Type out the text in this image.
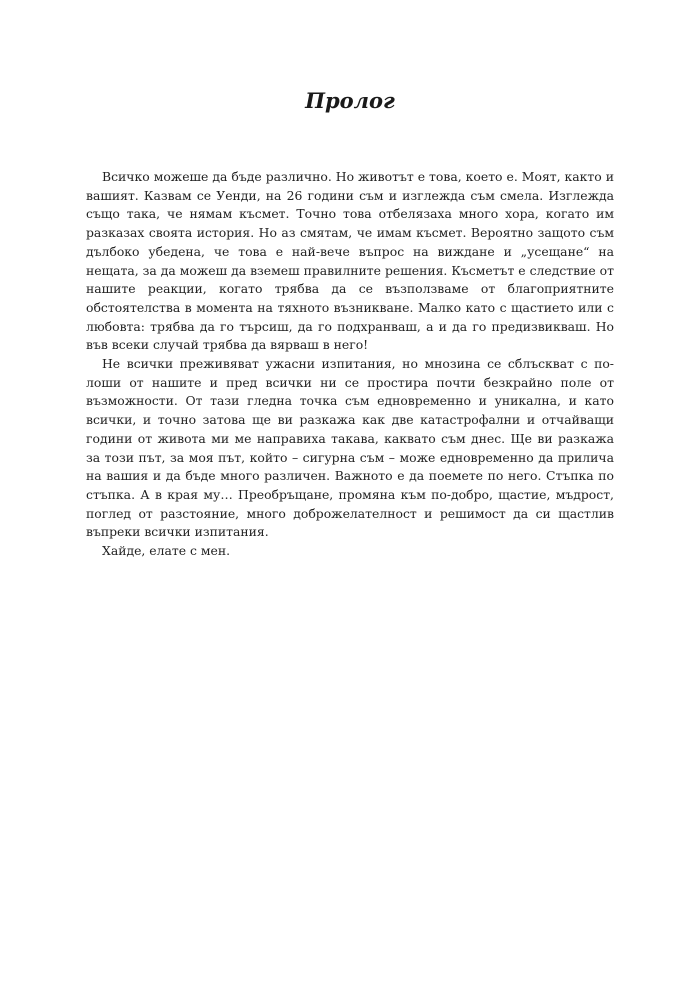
Пролог

Всичко можеше да бъде различно. Но животът е това, което е. Моят, както и вашият. Казвам се Уенди, на 26 години съм и изглежда съм смела. Изглежда също така, че нямам късмет. Точно това отбелязаха много хора, когато им разказах своята история. Но аз смятам, че имам късмет. Вероятно защото съм дълбоко убедена, че това е най-вече въпрос на виждане и „усещане“ на нещата, за да можеш да вземеш правилните решения. Късметът е следствие от нашите реакции, когато трябва да се възползваме от благоприятните обстоятелства в момента на тяхното възникване. Малко като с щастието или с любовта: трябва да го търсиш, да го подхранваш, а и да го предизвикваш. Но във всеки случай трябва да вярваш в него!

Не всички преживяват ужасни изпитания, но мнозина се сблъскват с по-лоши от нашите и пред всички ни се простира почти безкрайно поле от възможности. От тази гледна точка съм едновременно и уникална, и като всички, и точно затова ще ви разкажа как две катастрофални и отчайващи години от живота ми ме направиха такава, каквато съм днес. Ще ви разкажа за този път, за моя път, който – сигурна съм – може едновременно да прилича на вашия и да бъде много различен. Важното е да поемете по него. Стъпка по стъпка. А в края му… Преобръщане, промяна към по-добро, щастие, мъдрост, поглед от разстояние, много доброжелателност и решимост да си щастлив въпреки всички изпитания.

Хайде, елате с мен.
